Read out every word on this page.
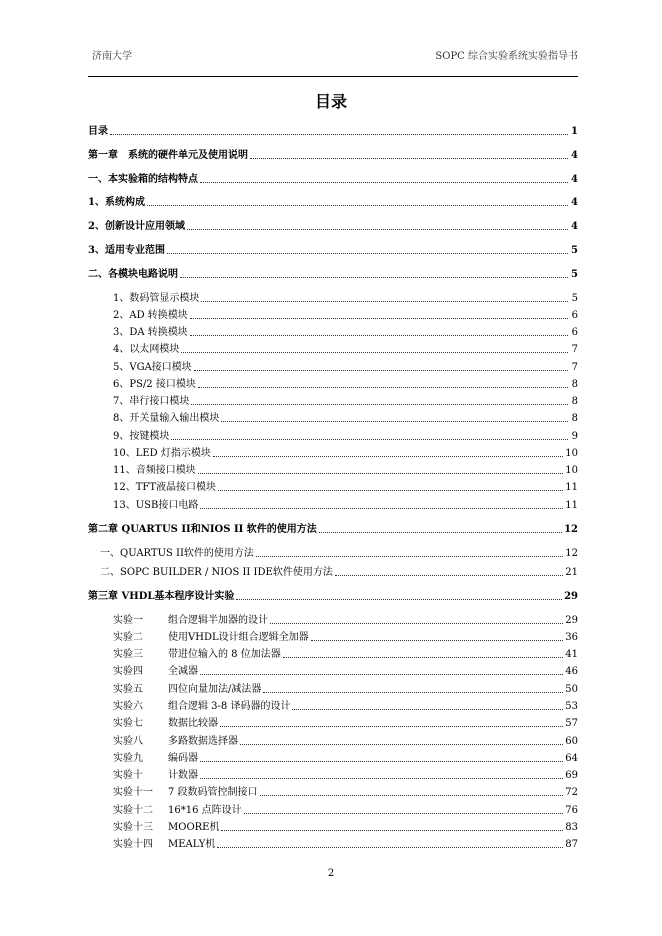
济南大学	SOPC 综合实验系统实验指导书
目录
目录	1
第一章　系统的硬件单元及使用说明	4
一、本实验箱的结构特点	4
1、系统构成	4
2、创新设计应用领域	4
3、适用专业范围	5
二、各模块电路说明	5
1、数码管显示模块	5
2、AD 转换模块	6
3、DA 转换模块	6
4、以太网模块	7
5、VGA接口模块	7
6、PS/2 接口模块	8
7、串行接口模块	8
8、开关量输入输出模块	8
9、按键模块	9
10、LED 灯指示模块	10
11、音频接口模块	10
12、TFT液晶接口模块	11
13、USB接口电路	11
第二章 QUARTUS II和NIOS II 软件的使用方法	12
一、QUARTUS II软件的使用方法	12
二、SOPC BUILDER / NIOS II IDE软件使用方法	21
第三章 VHDL基本程序设计实验	29
实验一	组合逻辑半加器的设计	29
实验二	使用VHDL设计组合逻辑全加器	36
实验三	带进位输入的 8 位加法器	41
实验四	全减器	46
实验五	四位向量加法/减法器	50
实验六	组合逻辑 3-8 译码器的设计	53
实验七	数据比较器	57
实验八	多路数据选择器	60
实验九	编码器	64
实验十	计数器	69
实验十一 7 段数码管控制接口	72
实验十二 16*16 点阵设计	76
实验十三 MOORE机	83
实验十四 MEALY机	87
2
